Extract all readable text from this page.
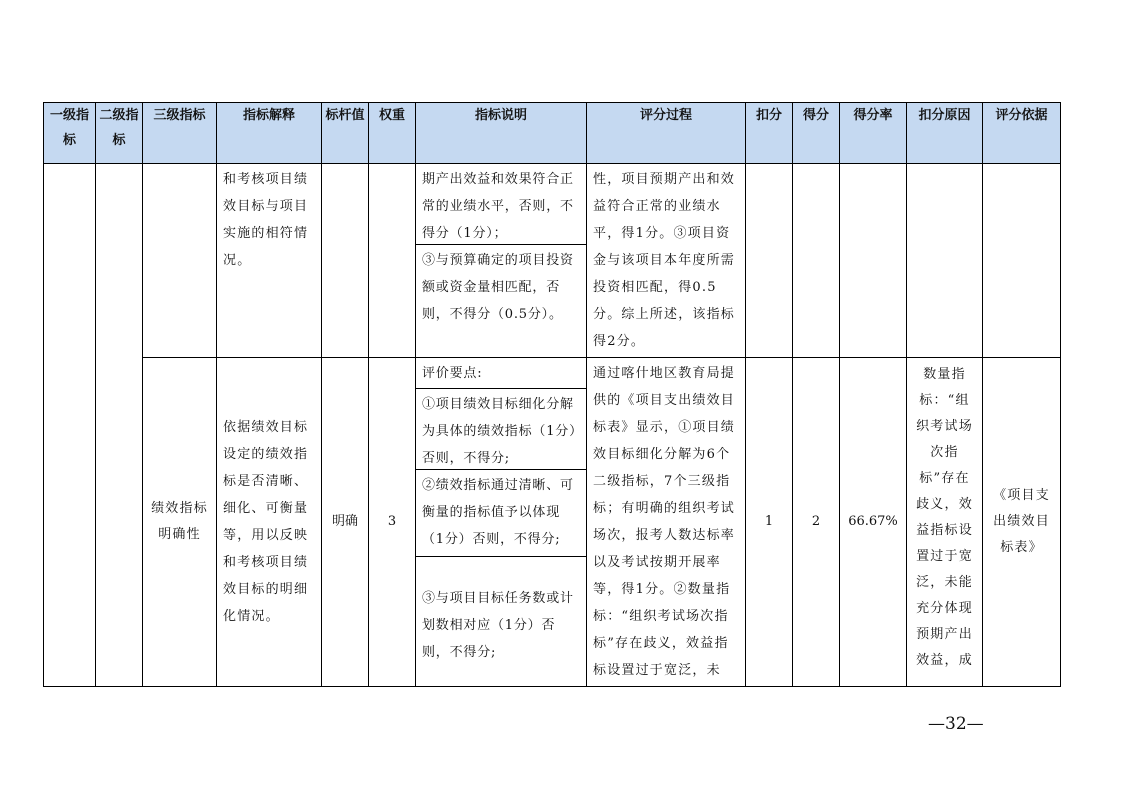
一级指标	二级指标	三级指标	指标解释	标杆值	权重	指标说明	评分过程	扣分	得分	得分率	扣分原因	评分依据

			和考核项目绩效目标与项目实施的相符情况。			期产出效益和效果符合正常的业绩水平，否则，不得分（1分）；
③与预算确定的项目投资额或资金量相匹配，否则，不得分（0.5分）。	性，项目预期产出和效益符合正常的业绩水平，得1分。③项目资金与该项目本年度所需投资相匹配，得0.5分。综上所述，该指标得2分。					

		绩效指标明确性	依据绩效目标设定的绩效指标是否清晰、细化、可衡量等，用以反映和考核项目绩效目标的明细化情况。	明确	3	评价要点:
①项目绩效目标细化分解为具体的绩效指标（1分）否则，不得分;
②绩效指标通过清晰、可衡量的指标值予以体现（1分）否则，不得分;
③与项目目标任务数或计划数相对应（1分）否则，不得分;	通过喀什地区教育局提供的《项目支出绩效目标表》显示，①项目绩效目标细化分解为6个二级指标，7个三级指标；有明确的组织考试场次，报考人数达标率以及考试按期开展率等，得1分。②数量指标：“组织考试场次指标”存在歧义，效益指标设置过于宽泛，未	1	2	66.67%	数量指标：“组织考试场次指标”存在歧义，效益指标设置过于宽泛，未能充分体现预期产出效益，成	《项目支出绩效目标表》
—32—
